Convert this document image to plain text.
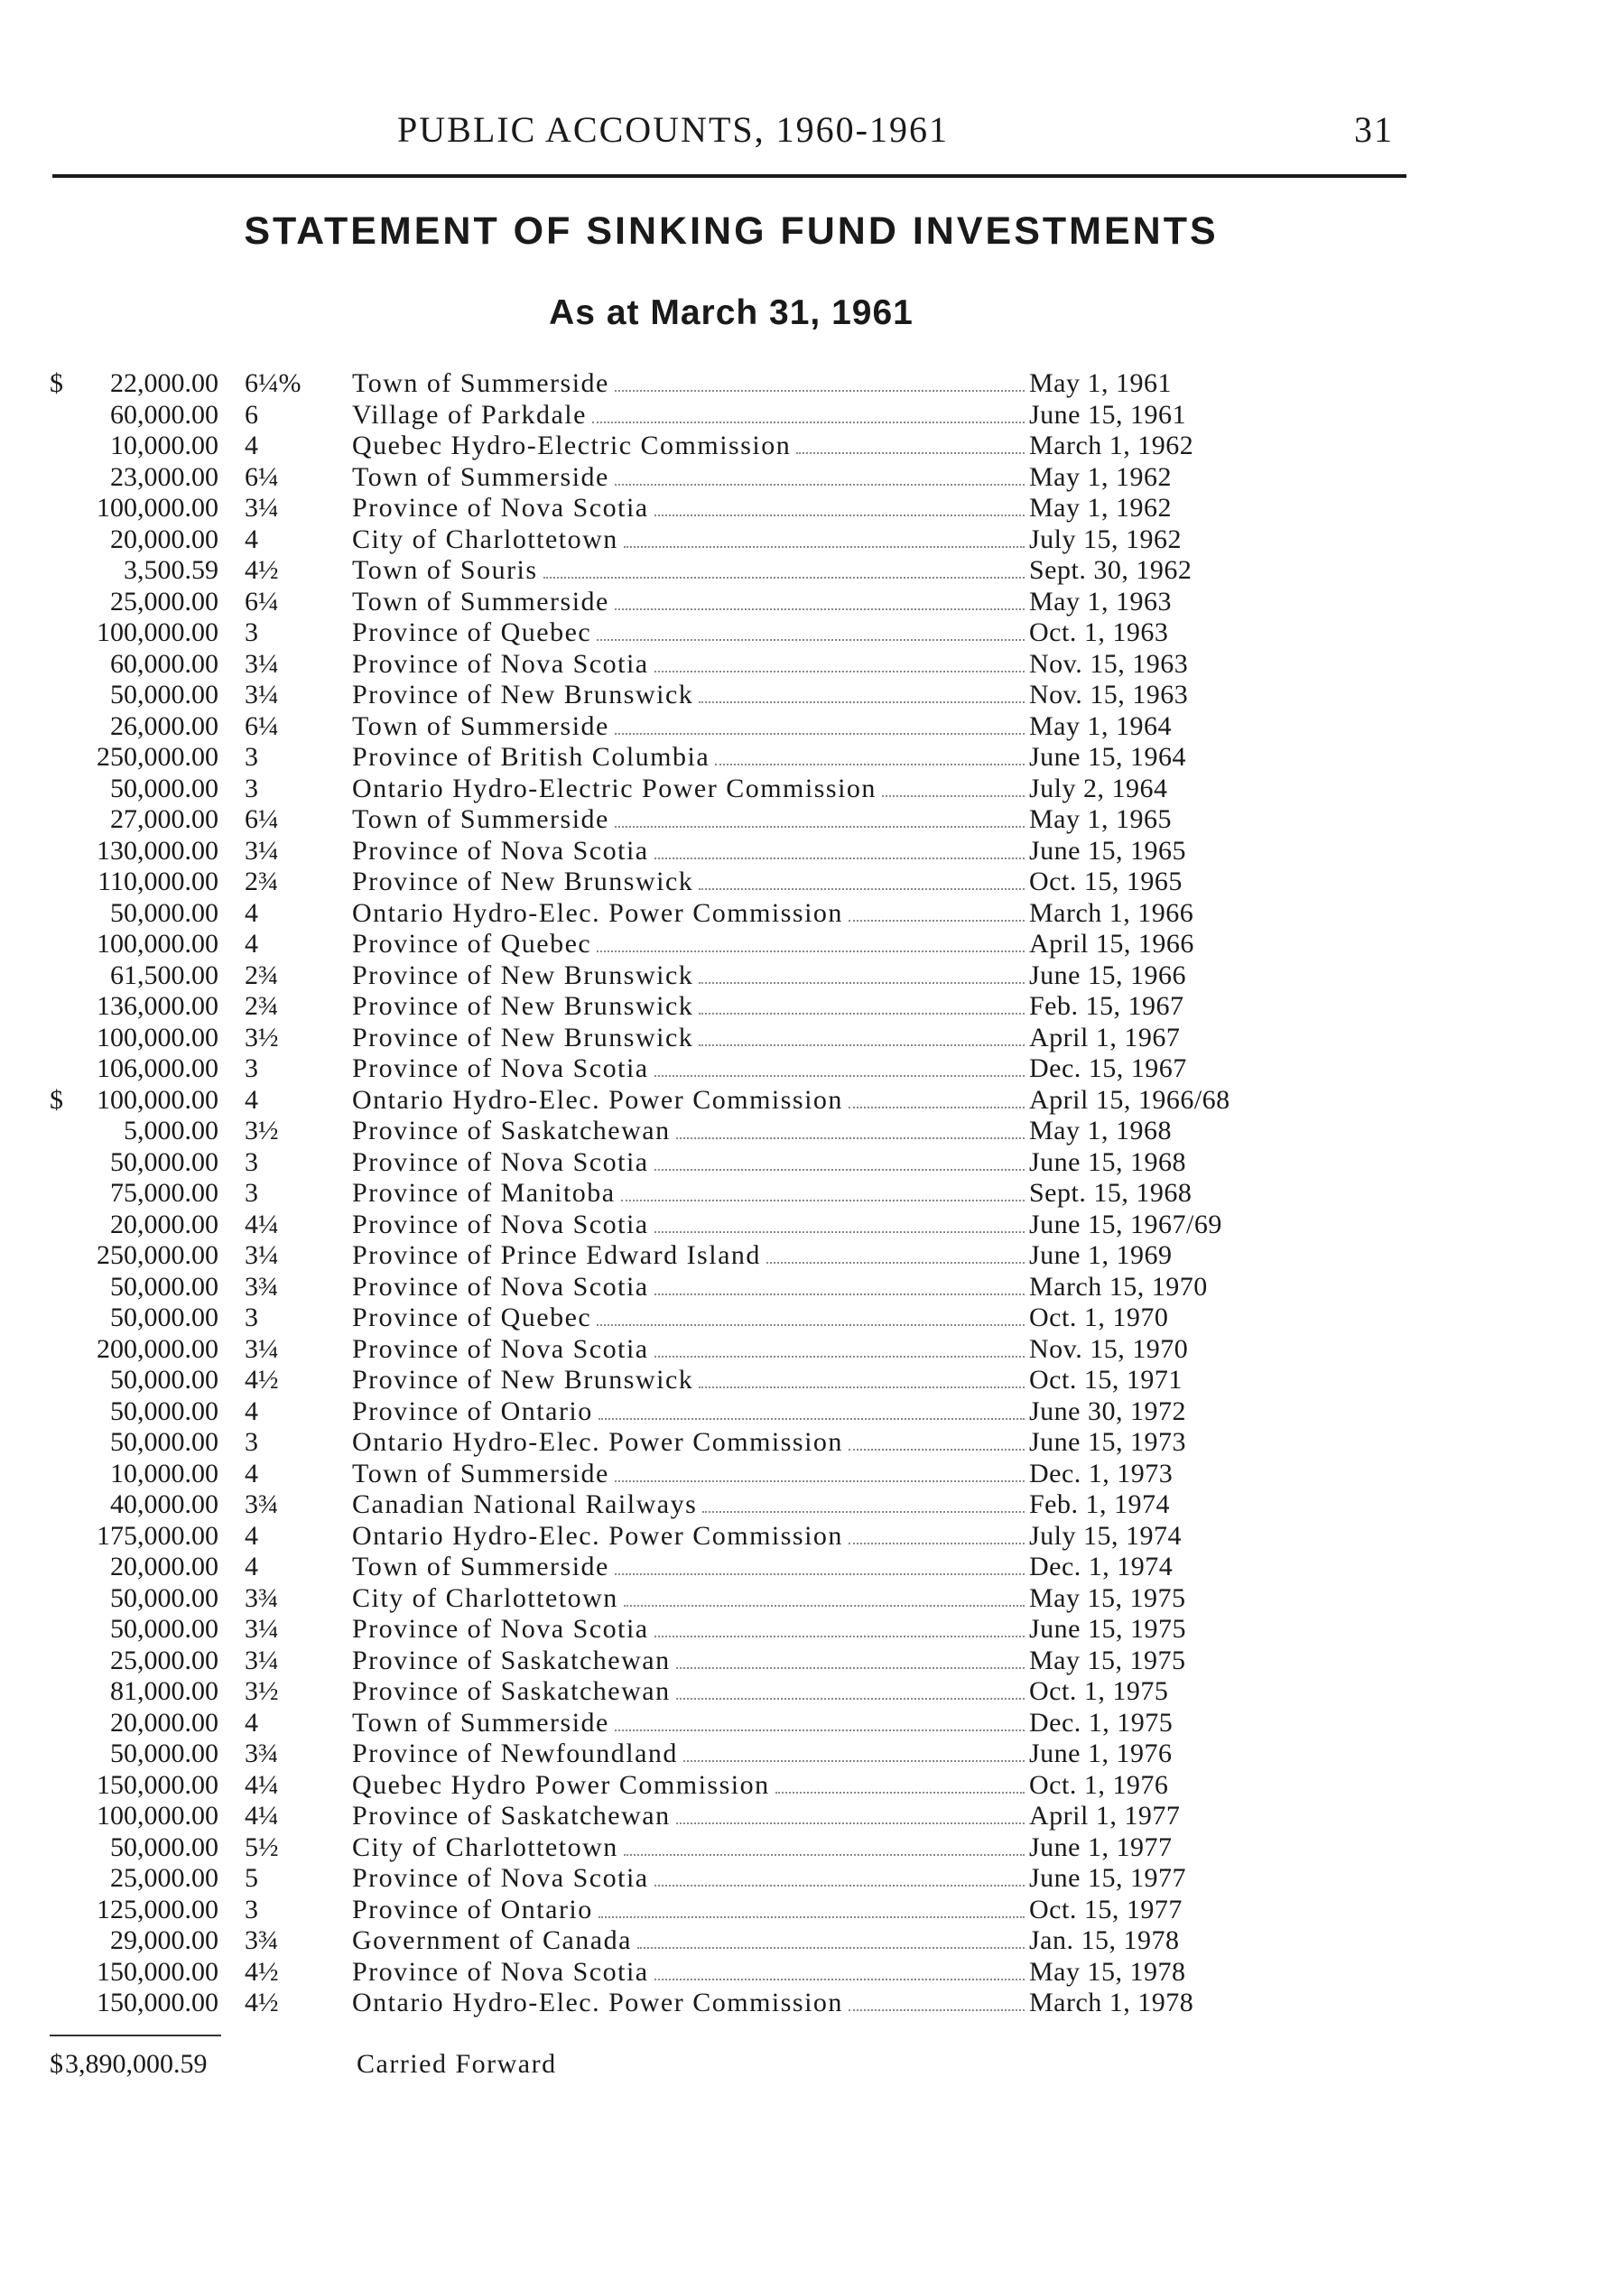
PUBLIC ACCOUNTS, 1960-1961	31
STATEMENT OF SINKING FUND INVESTMENTS
As at March 31, 1961
$	22,000.00 6¼% Town of Summerside	May 1, 1961
60,000.00 6	Village of Parkdale	June 15, 1961
10,000.00 4	Quebec Hydro-Electric Commission	March 1, 1962
23,000.00 6¼	Town of Summerside	May 1, 1962
100,000.00 3¼	Province of Nova Scotia	May 1, 1962
20,000.00 4	City of Charlottetown	July 15, 1962
3,500.59 4½	Town of Souris	Sept. 30, 1962
25,000.00 6¼	Town of Summerside	May 1, 1963
100,000.00 3	Province of Quebec	Oct. 1, 1963
60,000.00 3¼	Province of Nova Scotia	Nov. 15, 1963
50,000.00 3¼	Province of New Brunswick	Nov. 15, 1963
26,000.00 6¼	Town of Summerside	May 1, 1964
250,000.00 3	Province of British Columbia	June 15, 1964
50,000.00 3	Ontario Hydro-Electric Power Commission	July 2, 1964
27,000.00 6¼	Town of Summerside	May 1, 1965
130,000.00 3¼	Province of Nova Scotia	June 15, 1965
110,000.00 2¾	Province of New Brunswick	Oct. 15, 1965
50,000.00 4	Ontario Hydro-Elec. Power Commission	March 1, 1966
100,000.00 4	Province of Quebec	April 15, 1966
61,500.00 2¾	Province of New Brunswick	June 15, 1966
136,000.00 2¾	Province of New Brunswick	Feb. 15, 1967
100,000.00 3½	Province of New Brunswick	April 1, 1967
106,000.00 3	Province of Nova Scotia	Dec. 15, 1967
$	100,000.00 4	Ontario Hydro-Elec. Power Commission	April 15, 1966/68
5,000.00 3½	Province of Saskatchewan	May 1, 1968
50,000.00 3	Province of Nova Scotia	June 15, 1968
75,000.00 3	Province of Manitoba	Sept. 15, 1968
20,000.00 4¼	Province of Nova Scotia	June 15, 1967/69
250,000.00 3¼	Province of Prince Edward Island	June 1, 1969
50,000.00 3¾	Province of Nova Scotia	March 15, 1970
50,000.00 3	Province of Quebec	Oct. 1, 1970
200,000.00 3¼	Province of Nova Scotia	Nov. 15, 1970
50,000.00 4½	Province of New Brunswick	Oct. 15, 1971
50,000.00 4	Province of Ontario	June 30, 1972
50,000.00 3	Ontario Hydro-Elec. Power Commission	June 15, 1973
10,000.00 4	Town of Summerside	Dec. 1, 1973
40,000.00 3¾	Canadian National Railways	Feb. 1, 1974
175,000.00 4	Ontario Hydro-Elec. Power Commission	July 15, 1974
20,000.00 4	Town of Summerside	Dec. 1, 1974
50,000.00 3¾	City of Charlottetown	May 15, 1975
50,000.00 3¼	Province of Nova Scotia	June 15, 1975
25,000.00 3¼	Province of Saskatchewan	May 15, 1975
81,000.00 3½	Province of Saskatchewan	Oct. 1, 1975
20,000.00 4	Town of Summerside	Dec. 1, 1975
50,000.00 3¾	Province of Newfoundland	June 1, 1976
150,000.00 4¼	Quebec Hydro Power Commission	Oct. 1, 1976
100,000.00 4¼	Province of Saskatchewan	April 1, 1977
50,000.00 5½	City of Charlottetown	June 1, 1977
25,000.00 5	Province of Nova Scotia	June 15, 1977
125,000.00 3	Province of Ontario	Oct. 15, 1977
29,000.00 3¾	Government of Canada	Jan. 15, 1978
150,000.00 4½	Province of Nova Scotia	May 15, 1978
150,000.00 4½	Ontario Hydro-Elec. Power Commission	March 1, 1978
$ 3,890,000.59	Carried Forward
